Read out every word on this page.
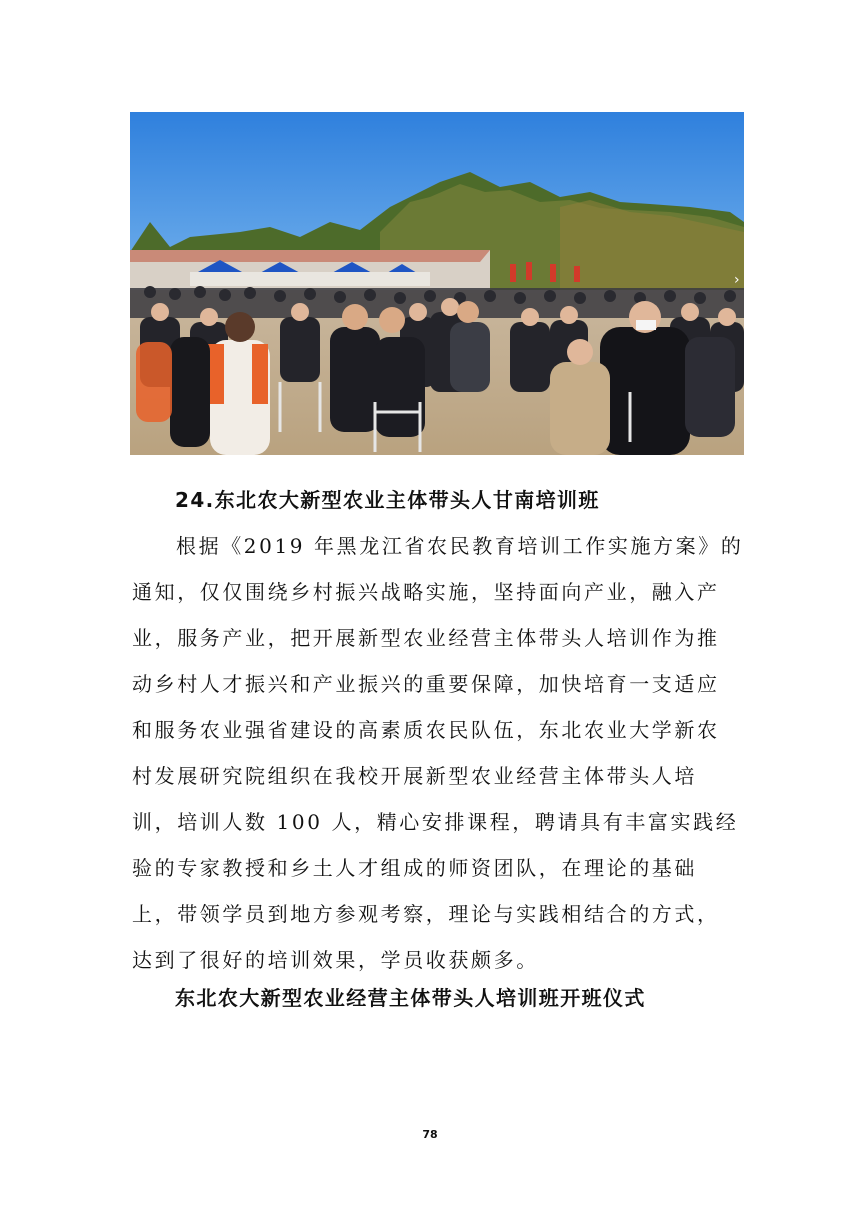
›
24.东北农大新型农业主体带头人甘南培训班
根据《2019 年黑龙江省农民教育培训工作实施方案》的
通知，仅仅围绕乡村振兴战略实施，坚持面向产业，融入产
业，服务产业，把开展新型农业经营主体带头人培训作为推
动乡村人才振兴和产业振兴的重要保障，加快培育一支适应
和服务农业强省建设的高素质农民队伍，东北农业大学新农
村发展研究院组织在我校开展新型农业经营主体带头人培
训，培训人数 100 人，精心安排课程，聘请具有丰富实践经
验的专家教授和乡土人才组成的师资团队，在理论的基础
上，带领学员到地方参观考察，理论与实践相结合的方式，
达到了很好的培训效果，学员收获颇多。
东北农大新型农业经营主体带头人培训班开班仪式
78
